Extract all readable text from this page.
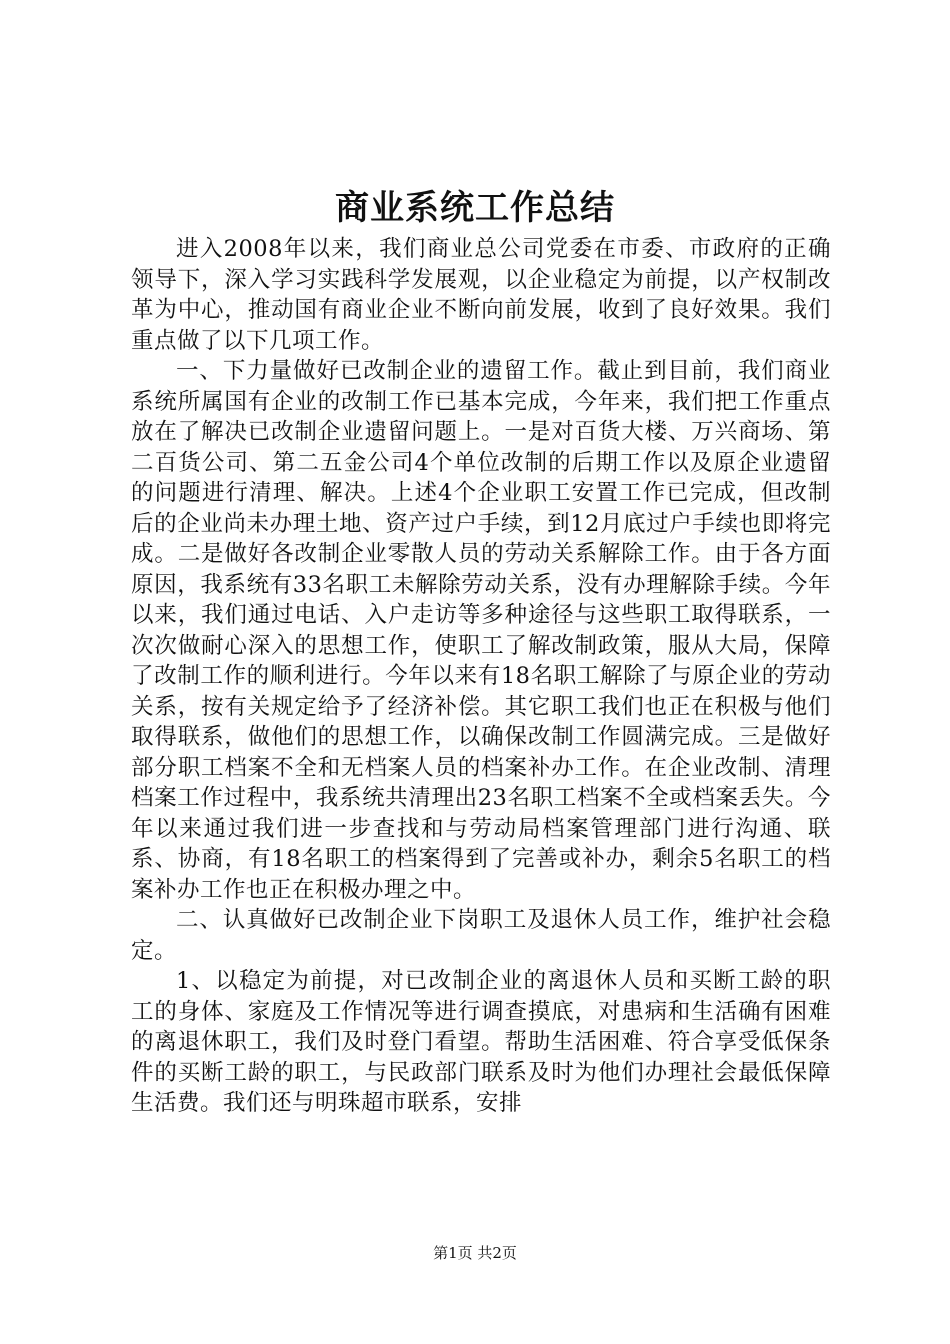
商业系统工作总结

进入2008年以来，我们商业总公司党委在市委、市政府的正确领导下，深入学习实践科学发展观，以企业稳定为前提，以产权制改革为中心，推动国有商业企业不断向前发展，收到了良好效果。我们重点做了以下几项工作。

一、下力量做好已改制企业的遗留工作。截止到目前，我们商业系统所属国有企业的改制工作已基本完成，今年来，我们把工作重点放在了解决已改制企业遗留问题上。一是对百货大楼、万兴商场、第二百货公司、第二五金公司4个单位改制的后期工作以及原企业遗留的问题进行清理、解决。上述4个企业职工安置工作已完成，但改制后的企业尚未办理土地、资产过户手续，到12月底过户手续也即将完成。二是做好各改制企业零散人员的劳动关系解除工作。由于各方面原因，我系统有33名职工未解除劳动关系，没有办理解除手续。今年以来，我们通过电话、入户走访等多种途径与这些职工取得联系，一次次做耐心深入的思想工作，使职工了解改制政策，服从大局，保障了改制工作的顺利进行。今年以来有18名职工解除了与原企业的劳动关系，按有关规定给予了经济补偿。其它职工我们也正在积极与他们取得联系，做他们的思想工作，以确保改制工作圆满完成。三是做好部分职工档案不全和无档案人员的档案补办工作。在企业改制、清理档案工作过程中，我系统共清理出23名职工档案不全或档案丢失。今年以来通过我们进一步查找和与劳动局档案管理部门进行沟通、联系、协商，有18名职工的档案得到了完善或补办，剩余5名职工的档案补办工作也正在积极办理之中。

二、认真做好已改制企业下岗职工及退休人员工作，维护社会稳定。

1、以稳定为前提，对已改制企业的离退休人员和买断工龄的职工的身体、家庭及工作情况等进行调查摸底，对患病和生活确有困难的离退休职工，我们及时登门看望。帮助生活困难、符合享受低保条件的买断工龄的职工，与民政部门联系及时为他们办理社会最低保障生活费。我们还与明珠超市联系，安排

第1页 共2页
